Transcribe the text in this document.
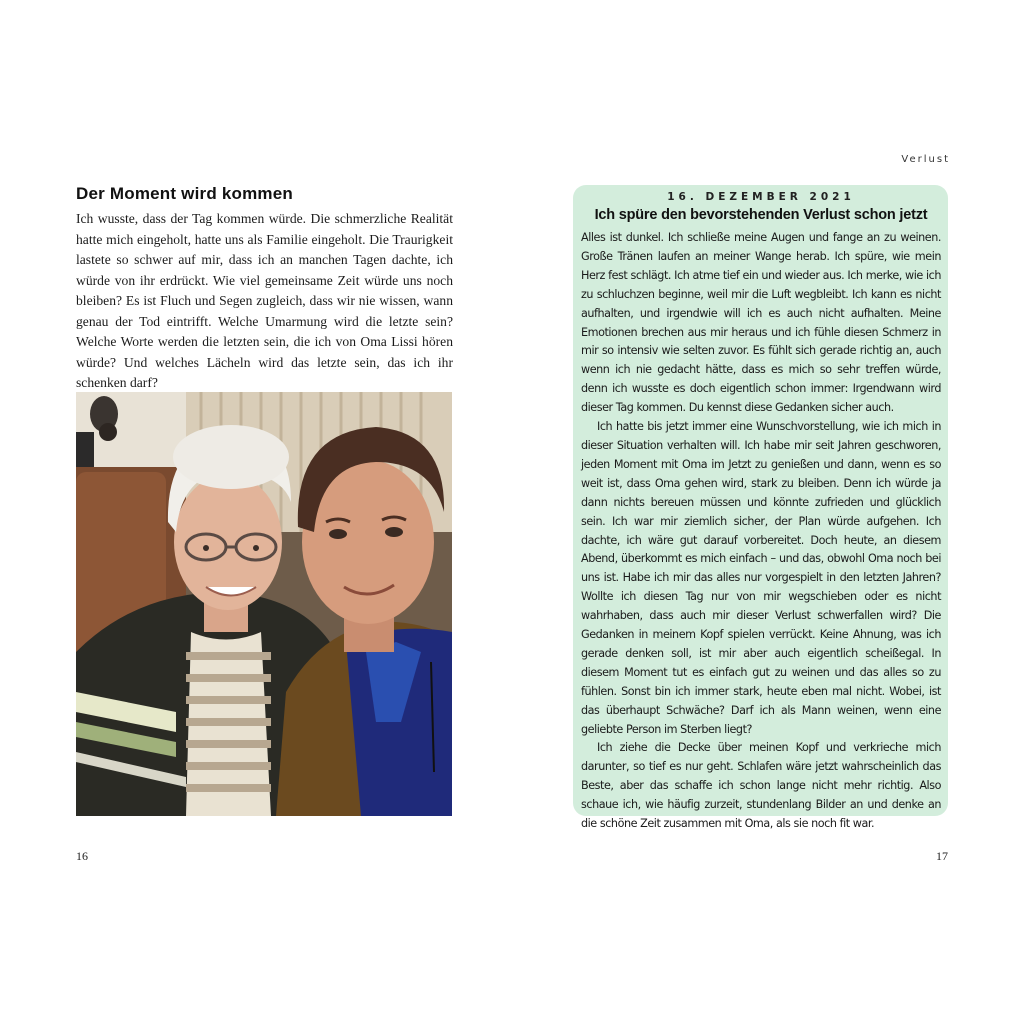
Der Moment wird kommen

Ich wusste, dass der Tag kommen würde. Die schmerzliche Realität hatte mich eingeholt, hatte uns als Familie eingeholt. Die Traurigkeit lastete so schwer auf mir, dass ich an manchen Tagen dachte, ich würde von ihr erdrückt. Wie viel gemeinsame Zeit würde uns noch bleiben? Es ist Fluch und Segen zugleich, dass wir nie wissen, wann genau der Tod eintrifft. Welche Umarmung wird die letzte sein? Welche Worte werden die letzten sein, die ich von Oma Lissi hören würde? Und welches Lächeln wird das letzte sein, das ich ihr schenken darf?

16
Verlust
17

16. DEZEMBER 2021

Ich spüre den bevorstehenden Verlust schon jetzt

Alles ist dunkel. Ich schließe meine Augen und fange an zu weinen. Große Tränen laufen an meiner Wange herab. Ich spüre, wie mein Herz fest schlägt. Ich atme tief ein und wieder aus. Ich merke, wie ich zu schluchzen beginne, weil mir die Luft wegbleibt. Ich kann es nicht aufhalten, und irgendwie will ich es auch nicht aufhalten. Meine Emotionen brechen aus mir heraus und ich fühle diesen Schmerz in mir so intensiv wie selten zuvor. Es fühlt sich gerade richtig an, auch wenn ich nie gedacht hätte, dass es mich so sehr treffen würde, denn ich wusste es doch eigentlich schon immer: Irgendwann wird dieser Tag kommen. Du kennst diese Gedanken sicher auch.

Ich hatte bis jetzt immer eine Wunschvorstellung, wie ich mich in dieser Situation verhalten will. Ich habe mir seit Jahren geschworen, jeden Moment mit Oma im Jetzt zu genießen und dann, wenn es so weit ist, dass Oma gehen wird, stark zu bleiben. Denn ich würde ja dann nichts bereuen müssen und könnte zufrieden und glücklich sein. Ich war mir ziemlich sicher, der Plan würde aufgehen. Ich dachte, ich wäre gut darauf vorbereitet. Doch heute, an diesem Abend, überkommt es mich einfach – und das, obwohl Oma noch bei uns ist. Habe ich mir das alles nur vorgespielt in den letzten Jahren? Wollte ich diesen Tag nur von mir wegschieben oder es nicht wahrhaben, dass auch mir dieser Verlust schwerfallen wird? Die Gedanken in meinem Kopf spielen verrückt. Keine Ahnung, was ich gerade denken soll, ist mir aber auch eigentlich scheißegal. In diesem Moment tut es einfach gut zu weinen und das alles so zu fühlen. Sonst bin ich immer stark, heute eben mal nicht. Wobei, ist das überhaupt Schwäche? Darf ich als Mann weinen, wenn eine geliebte Person im Sterben liegt?

Ich ziehe die Decke über meinen Kopf und verkrieche mich darunter, so tief es nur geht. Schlafen wäre jetzt wahrscheinlich das Beste, aber das schaffe ich schon lange nicht mehr richtig. Also schaue ich, wie häufig zurzeit, stundenlang Bilder an und denke an die schöne Zeit zusammen mit Oma, als sie noch fit war.
